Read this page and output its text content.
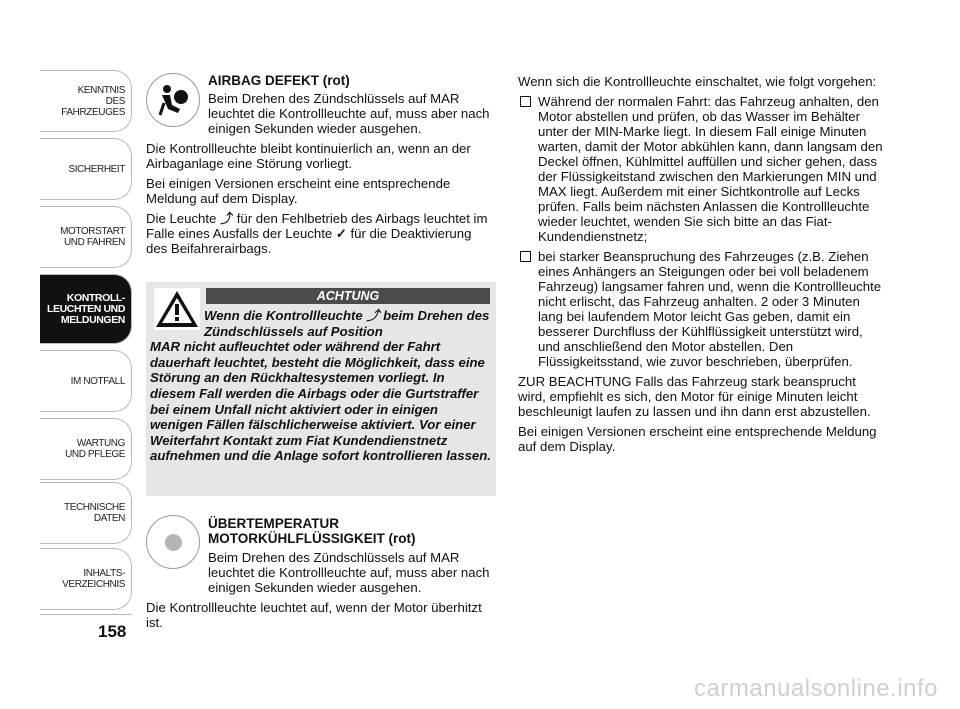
KENNTNIS
DES FAHRZEUGES
SICHERHEIT
MOTORSTART
UND FAHREN
KONTROLL-
LEUCHTEN UND
MELDUNGEN
IM NOTFALL
WARTUNG
UND PFLEGE
TECHNISCHE
DATEN
INHALTS-
VERZEICHNIS
158
AIRBAG DEFEKT (rot)

Beim Drehen des Zündschlüssels auf MAR leuchtet die Kontrollleuchte auf, muss aber nach einigen Sekunden wieder ausgehen.

Die Kontrollleuchte bleibt kontinuierlich an, wenn an der Airbaganlage eine Störung vorliegt.

Bei einigen Versionen erscheint eine entsprechende Meldung auf dem Display.

Die Leuchte ⤴ für den Fehlbetrieb des Airbags leuchtet im Falle eines Ausfalls der Leuchte ✓ für die Deaktivierung des Beifahrerairbags.

ACHTUNG
Wenn die Kontrollleuchte ⤴ beim Drehen des Zündschlüssels auf Position
MAR nicht aufleuchtet oder während der Fahrt dauerhaft leuchtet, besteht die Möglichkeit, dass eine Störung an den Rückhaltesystemen vorliegt. In diesem Fall werden die Airbags oder die Gurtstraffer bei einem Unfall nicht aktiviert oder in einigen wenigen Fällen fälschlicherweise aktiviert. Vor einer Weiterfahrt Kontakt zum Fiat Kundendienstnetz aufnehmen und die Anlage sofort kontrollieren lassen.
ÜBERTEMPERATUR
MOTORKÜHLFLÜSSIGKEIT (rot)

Beim Drehen des Zündschlüssels auf MAR leuchtet die Kontrollleuchte auf, muss aber nach einigen Sekunden wieder ausgehen.

Die Kontrollleuchte leuchtet auf, wenn der Motor überhitzt ist.

Wenn sich die Kontrollleuchte einschaltet, wie folgt vorgehen:

Während der normalen Fahrt: das Fahrzeug anhalten, den Motor abstellen und prüfen, ob das Wasser im Behälter unter der MIN-Marke liegt. In diesem Fall einige Minuten warten, damit der Motor abkühlen kann, dann langsam den Deckel öffnen, Kühlmittel auffüllen und sicher gehen, dass der Flüssigkeitstand zwischen den Markierungen MIN und MAX liegt. Außerdem mit einer Sichtkontrolle auf Lecks prüfen. Falls beim nächsten Anlassen die Kontrollleuchte wieder leuchtet, wenden Sie sich bitte an das Fiat-Kundendienstnetz;
bei starker Beanspruchung des Fahrzeuges (z.B. Ziehen eines Anhängers an Steigungen oder bei voll beladenem Fahrzeug) langsamer fahren und, wenn die Kontrollleuchte nicht erlischt, das Fahrzeug anhalten. 2 oder 3 Minuten lang bei laufendem Motor leicht Gas geben, damit ein besserer Durchfluss der Kühlflüssigkeit unterstützt wird, und anschließend den Motor abstellen. Den Flüssigkeitsstand, wie zuvor beschrieben, überprüfen.

ZUR BEACHTUNG Falls das Fahrzeug stark beansprucht wird, empfiehlt es sich, den Motor für einige Minuten leicht beschleunigt laufen zu lassen und ihn dann erst abzustellen.

Bei einigen Versionen erscheint eine entsprechende Meldung auf dem Display.

carmanualsonline.info
